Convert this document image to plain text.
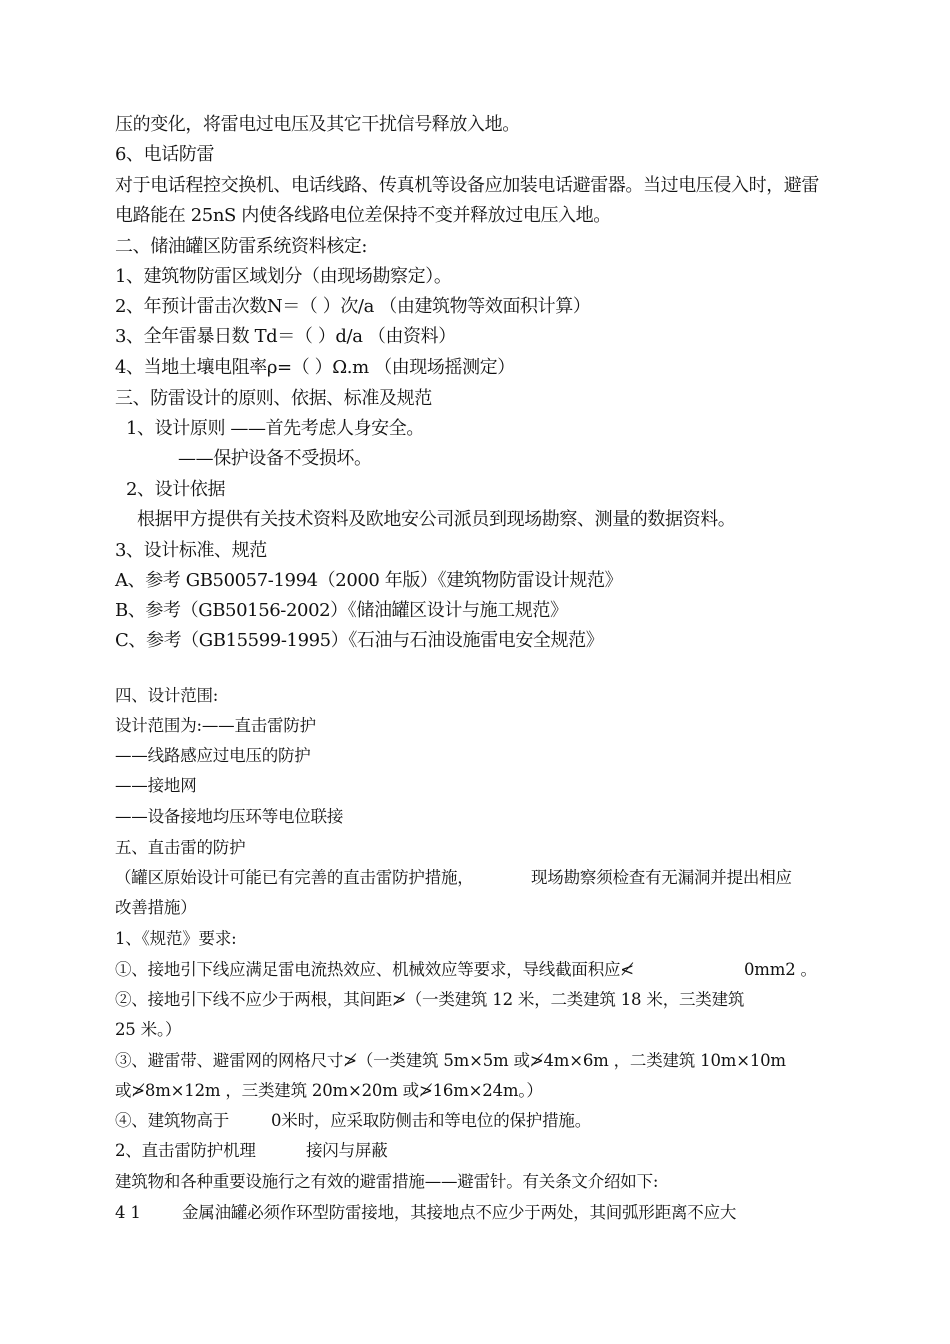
压的变化，将雷电过电压及其它干扰信号释放入地。
6、电话防雷
对于电话程控交换机、电话线路、传真机等设备应加装电话避雷器。当过电压侵入时，避雷
电路能在 25nS 内使各线路电位差保持不变并释放过电压入地。
二、储油罐区防雷系统资料核定:
1、建筑物防雷区域划分（由现场勘察定）。
2、年预计雷击次数N＝（ ）次/a （由建筑物等效面积计算）
3、全年雷暴日数 Td＝（ ）d/a （由资料）
4、当地土壤电阻率ρ=（ ）Ω.m （由现场摇测定）
三、防雷设计的原则、依据、标准及规范
1、设计原则 ——首先考虑人身安全。
——保护设备不受损坏。
2、设计依据
根据甲方提供有关技术资料及欧地安公司派员到现场勘察、测量的数据资料。
3、设计标准、规范
A、参考 GB50057-1994（2000 年版）《建筑物防雷设计规范》
B、参考（GB50156-2002）《储油罐区设计与施工规范》
C、参考（GB15599-1995）《石油与石油设施雷电安全规范》
四、设计范围:
设计范围为:——直击雷防护
——线路感应过电压的防护
——接地网
——设备接地均压环等电位联接
五、直击雷的防护
（罐区原始设计可能已有完善的直击雷防护措施，	现场勘察须检查有无漏洞并提出相应
改善措施）
1、《规范》要求:
①、接地引下线应满足雷电流热效应、机械效应等要求，导线截面积应≮	0mm2 。
②、接地引下线不应少于两根，其间距≯（一类建筑 12 米，二类建筑 18 米，三类建筑
25 米。）
③、避雷带、避雷网的网格尺寸≯（一类建筑 5m×5m 或≯4m×6m ，二类建筑 10m×10m
或≯8m×12m ，三类建筑 20m×20m 或≯16m×24m。）
④、建筑物高于	0米时，应采取防侧击和等电位的保护措施。
2、直击雷防护机理	接闪与屏蔽
建筑物和各种重要设施行之有效的避雷措施——避雷针。有关条文介绍如下:
4 1	金属油罐必须作环型防雷接地，其接地点不应少于两处，其间弧形距离不应大
